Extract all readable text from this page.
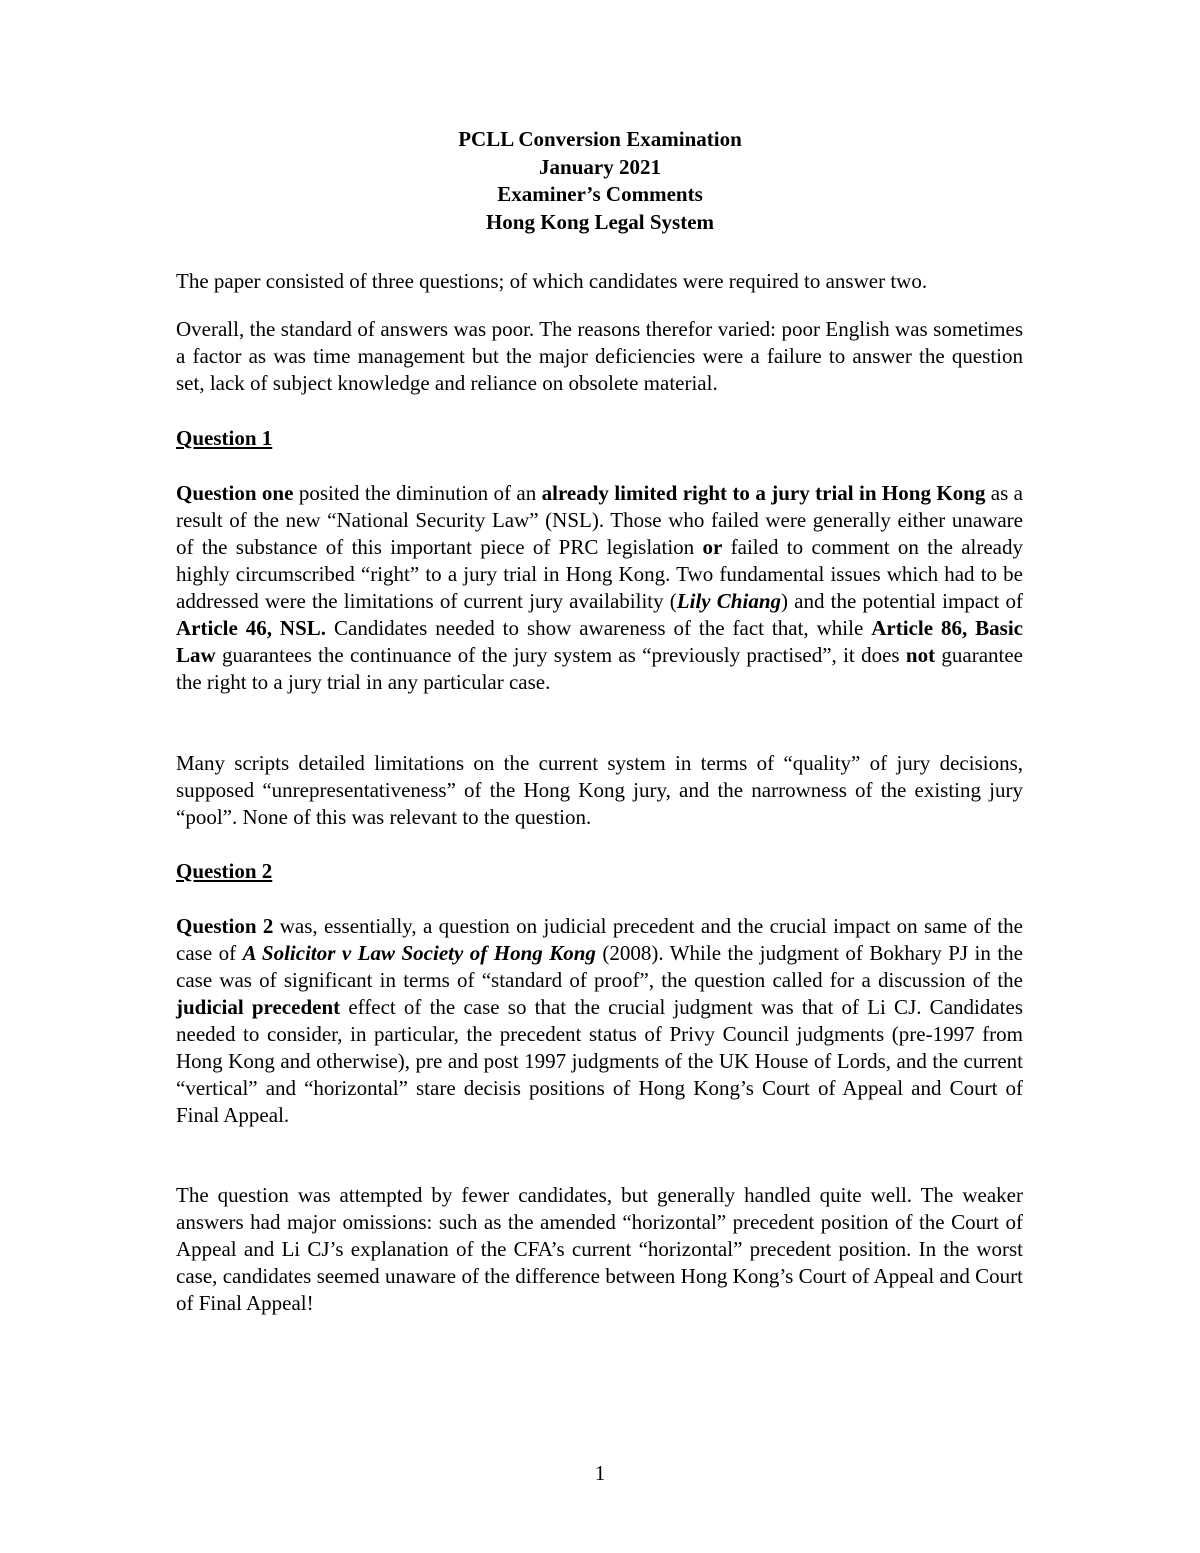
PCLL Conversion Examination
January 2021
Examiner’s Comments
Hong Kong Legal System

The paper consisted of three questions; of which candidates were required to answer two.

Overall, the standard of answers was poor. The reasons therefor varied: poor English was sometimes a factor as was time management but the major deficiencies were a failure to answer the question set, lack of subject knowledge and reliance on obsolete material.

Question 1

Question one posited the diminution of an already limited right to a jury trial in Hong Kong as a result of the new “National Security Law” (NSL). Those who failed were generally either unaware of the substance of this important piece of PRC legislation or failed to comment on the already highly circumscribed “right” to a jury trial in Hong Kong. Two fundamental issues which had to be addressed were the limitations of current jury availability (Lily Chiang) and the potential impact of Article 46, NSL. Candidates needed to show awareness of the fact that, while Article 86, Basic Law guarantees the continuance of the jury system as “previously practised”, it does not guarantee the right to a jury trial in any particular case.

Many scripts detailed limitations on the current system in terms of “quality” of jury decisions, supposed “unrepresentativeness” of the Hong Kong jury, and the narrowness of the existing jury “pool”. None of this was relevant to the question.

Question 2

Question 2 was, essentially, a question on judicial precedent and the crucial impact on same of the case of A Solicitor v Law Society of Hong Kong (2008). While the judgment of Bokhary PJ in the case was of significant in terms of “standard of proof”, the question called for a discussion of the judicial precedent effect of the case so that the crucial judgment was that of Li CJ. Candidates needed to consider, in particular, the precedent status of Privy Council judgments (pre-1997 from Hong Kong and otherwise), pre and post 1997 judgments of the UK House of Lords, and the current “vertical” and “horizontal” stare decisis positions of Hong Kong’s Court of Appeal and Court of Final Appeal.

The question was attempted by fewer candidates, but generally handled quite well. The weaker answers had major omissions: such as the amended “horizontal” precedent position of the Court of Appeal and Li CJ’s explanation of the CFA’s current “horizontal” precedent position. In the worst case, candidates seemed unaware of the difference between Hong Kong’s Court of Appeal and Court of Final Appeal!

1
